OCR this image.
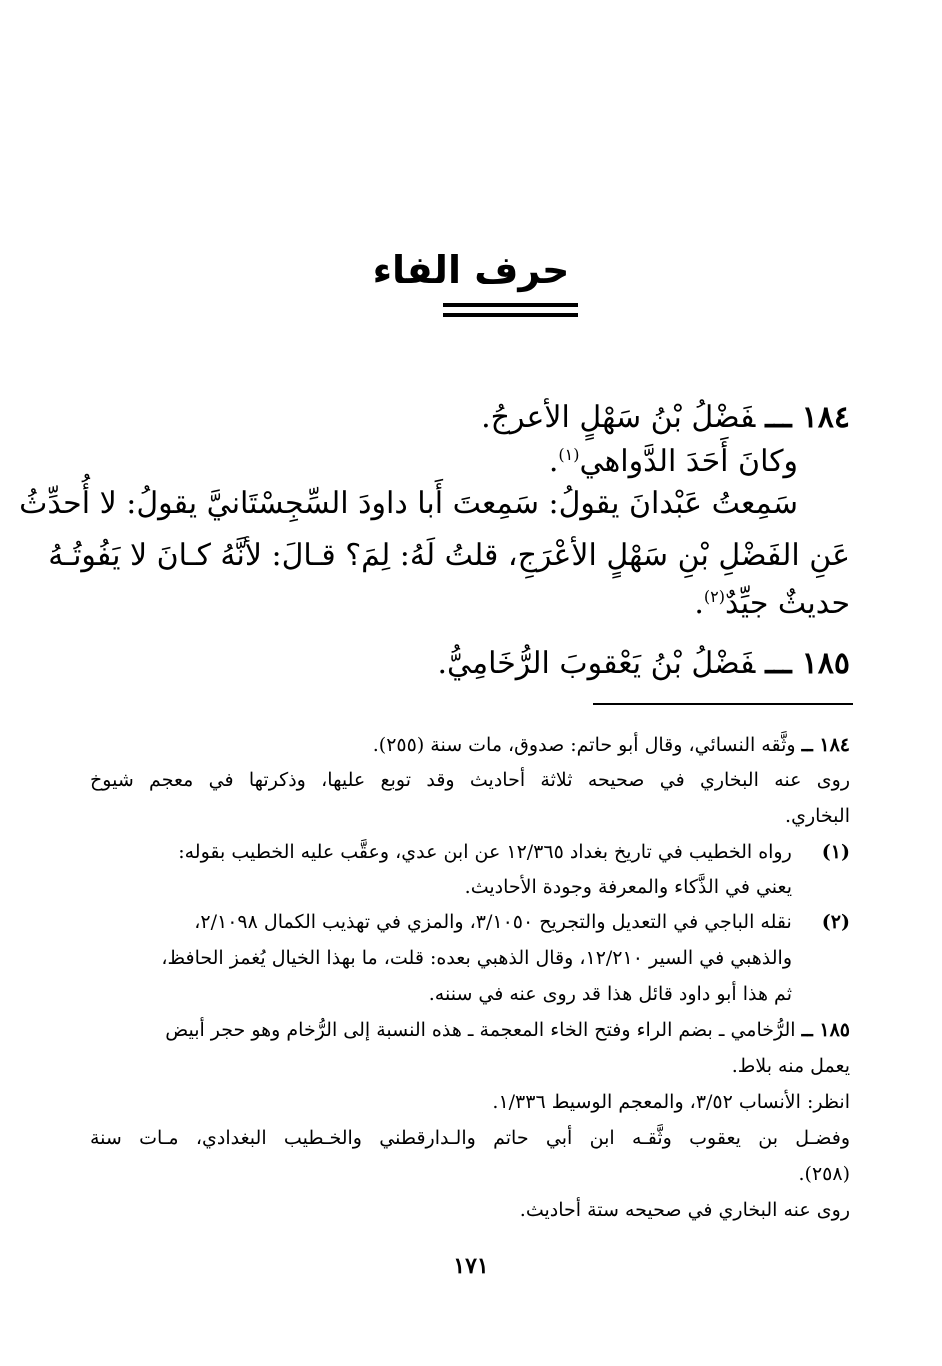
حرف الفاء
١٨٤ـــفَضْلُ بْنُ سَهْلٍ الأعرجُ.
وكانَ أَحَدَ الدَّواهي$^{(١)}$.
سَمِعتُ عَبْدانَ يقولُ: سَمِعتَ أَبا داودَ السِّجِسْتَانيَّ يقولُ: لا أُحدِّثُ
عَنِ الفَضْلِ بْنِ سَهْلٍ الأعْرَجِ، قلتُ لَهُ: لِمَ؟ قـالَ: لأنَّهُ كـانَ لا يَفُوتُـهُ
حديثٌ جيِّدٌ$^{(٢)}$.
١٨٥ـــفَضْلُ بْنُ يَعْقوبَ الرُّخَامِيُّ.
١٨٤ ــ وثَّقه النسائي، وقال أبو حاتم: صدوق، مات سنة (٢٥٥).
روى عنه البخاري في صحيحه ثلاثة أحاديث وقد توبع عليها، وذكرتها في معجم شيوخ
البخاري.
(١)رواه الخطيب في تاريخ بغداد ١٢/٣٦٥ عن ابن عدي، وعقَّب عليه الخطيب بقوله:
يعني في الذَّكاء والمعرفة وجودة الأحاديث.
(٢)نقله الباجي في التعديل والتجريح ٣/١٠٥٠، والمزي في تهذيب الكمال ٢/١٠٩٨،
والذهبي في السير ١٢/٢١٠، وقال الذهبي بعده: قلت، ما بهذا الخيال يُغمز الحافظ،
ثم هذا أبو داود قائل هذا قد روى عنه في سننه.
١٨٥ ــ الرُّخامي ـ بضم الراء وفتح الخاء المعجمة ـ هذه النسبة إلى الرُّخام وهو حجر أبيض
يعمل منه بلاط.
انظر: الأنساب ٣/٥٢، والمعجم الوسيط ١/٣٣٦.
وفضـل بن يعقوب وثَّقـه ابن أبي حاتم والـدارقطني والخـطيب البغدادي، مـات سنة
(٢٥٨).
روى عنه البخاري في صحيحه ستة أحاديث.
١٧١
